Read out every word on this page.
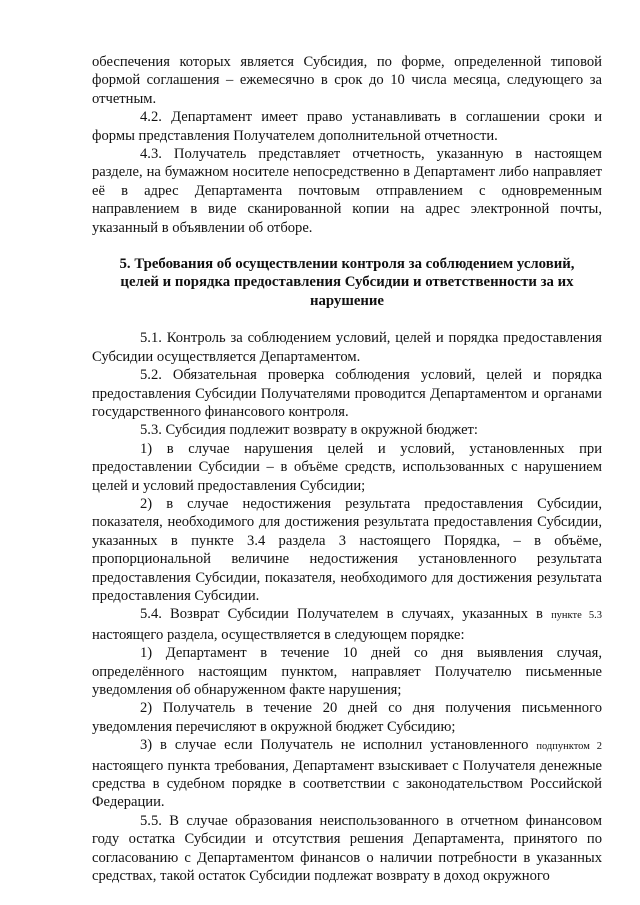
обеспечения которых является Субсидия, по форме, определенной типовой формой соглашения – ежемесячно в срок до 10 числа месяца, следующего за отчетным.

4.2. Департамент имеет право устанавливать в соглашении сроки и формы представления Получателем дополнительной отчетности.

4.3. Получатель представляет отчетность, указанную в настоящем разделе, на бумажном носителе непосредственно в Департамент либо направляет её в адрес Департамента почтовым отправлением с одновременным направлением в виде сканированной копии на адрес электронной почты, указанный в объявлении об отборе.

5. Требования об осуществлении контроля за соблюдением условий, целей и порядка предоставления Субсидии и ответственности за их нарушение

5.1. Контроль за соблюдением условий, целей и порядка предоставления Субсидии осуществляется Департаментом.

5.2. Обязательная проверка соблюдения условий, целей и порядка предоставления Субсидии Получателями проводится Департаментом и органами государственного финансового контроля.

5.3. Субсидия подлежит возврату в окружной бюджет:

1) в случае нарушения целей и условий, установленных при предоставлении Субсидии – в объёме средств, использованных с нарушением целей и условий предоставления Субсидии;

2) в случае недостижения результата предоставления Субсидии, показателя, необходимого для достижения результата предоставления Субсидии, указанных в пункте 3.4 раздела 3 настоящего Порядка, – в объёме, пропорциональной величине недостижения установленного результата предоставления Субсидии, показателя, необходимого для достижения результата предоставления Субсидии.

5.4. Возврат Субсидии Получателем в случаях, указанных в пункте 5.3 настоящего раздела, осуществляется в следующем порядке:

1) Департамент в течение 10 дней со дня выявления случая, определённого настоящим пунктом, направляет Получателю письменные уведомления об обнаруженном факте нарушения;

2) Получатель в течение 20 дней со дня получения письменного уведомления перечисляют в окружной бюджет Субсидию;

3) в случае если Получатель не исполнил установленного подпунктом 2 настоящего пункта требования, Департамент взыскивает с Получателя денежные средства в судебном порядке в соответствии с законодательством Российской Федерации.

5.5. В случае образования неиспользованного в отчетном финансовом году остатка Субсидии и отсутствия решения Департамента, принятого по согласованию с Департаментом финансов о наличии потребности в указанных средствах, такой остаток Субсидии подлежат возврату в доход окружного
